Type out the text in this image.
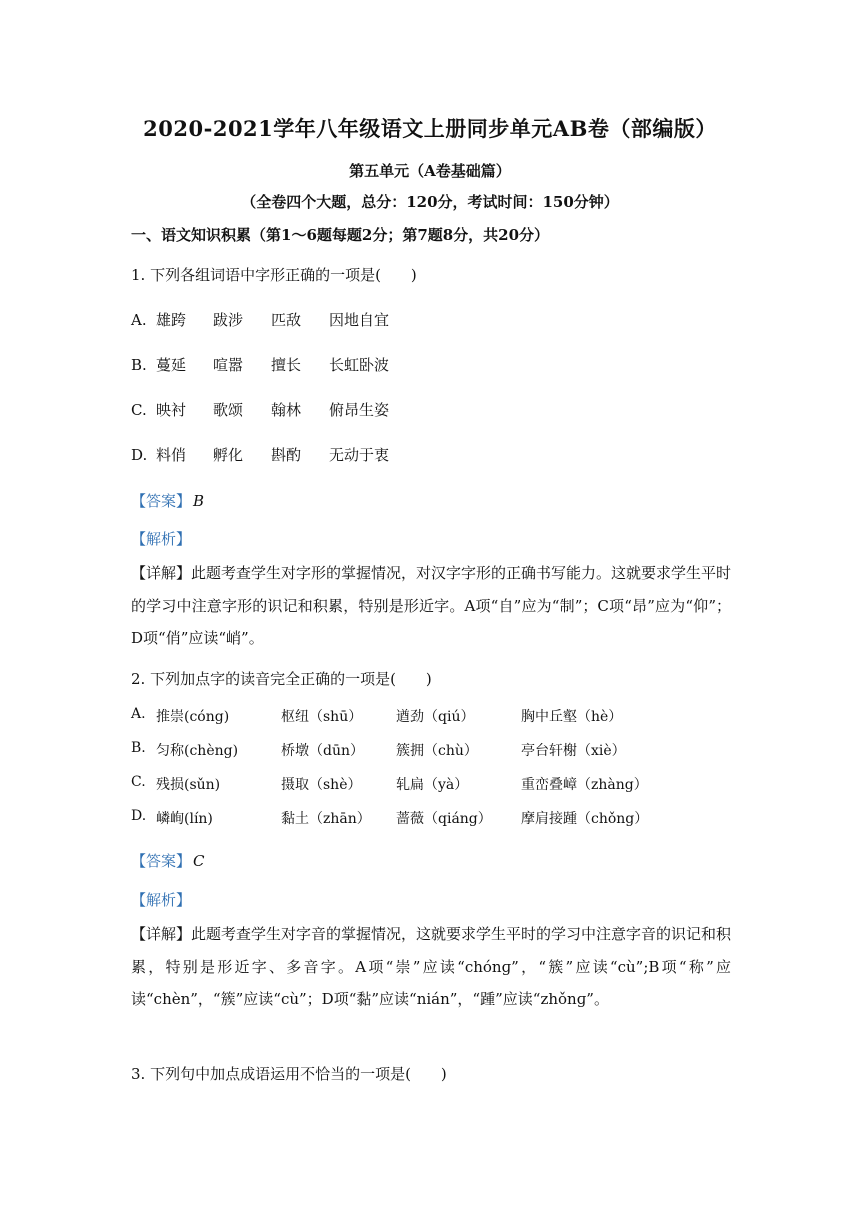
2020-2021学年八年级语文上册同步单元AB卷（部编版）
第五单元（A卷基础篇）
（全卷四个大题，总分：120分，考试时间：150分钟）
一、语文知识积累（第1～6题每题2分；第7题8分，共20分）
1. 下列各组词语中字形正确的一项是(　　)
A. 雄跨 跋涉 匹敌 因地自宜
B. 蔓延 喧嚣 擅长 长虹卧波
C. 映衬 歌颂 翰林 俯昂生姿
D. 料俏 孵化 斟酌 无动于衷
【答案】 B
【解析】
【详解】此题考查学生对字形的掌握情况，对汉字字形的正确书写能力。这就要求学生平时的学习中注意字形的识记和积累，特别是形近字。A项“自”应为“制”；C项“昂”应为“仰”；D项“俏”应读“峭”。
2. 下列加点字的读音完全正确的一项是(　　)
A. 推崇(cóng)	枢纽（shū） 遒劲（qiú）	胸中丘壑（hè）
B. 匀称(chèng)	桥墩（dūn） 簇拥（chù）	亭台轩榭（xiè）
C. 残损(sǔn)	摄取（shè） 轧扁（yà）	重峦叠嶂（zhàng）
D. 嶙峋(lín)	黏土（zhān） 蔷薇（qiáng） 摩肩接踵（chǒng）
【答案】 C
【解析】
【详解】此题考查学生对字音的掌握情况，这就要求学生平时的学习中注意字音的识记和积累，特别是形近字、多音字。A项“崇”应读“chónɡ”，“簇”应读“cù”;B项“称”应读“chèn”，“簇”应读“cù”；D项“黏”应读“nián”，“踵”应读“zhǒnɡ”。
3. 下列句中加点成语运用不恰当的一项是(　　)
